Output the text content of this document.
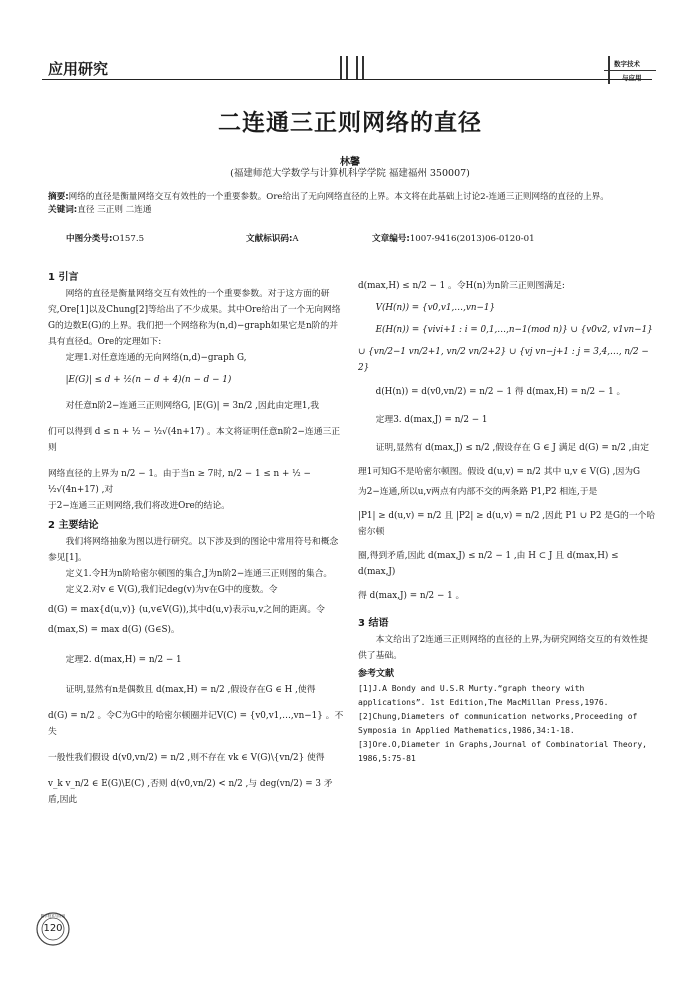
应用研究	数字技术
与应用
二连通三正则网络的直径
林馨
(福建师范大学数学与计算机科学学院 福建福州 350007)
摘要:网络的直径是衡量网络交互有效性的一个重要参数。Ore给出了无向网络直径的上界。本文将在此基础上讨论2-连通三正则网络的直径的上界。
关键词:直径 三正则 二连通
中图分类号:O157.5	文献标识码:A	文章编号:1007-9416(2013)06-0120-01

1 引言

网络的直径是衡量网络交互有效性的一个重要参数。对于这方面的研究,Ore[1]以及Chung[2]等给出了不少成果。其中Ore给出了一个无向网络G的边数E(G)的上界。我们把一个网络称为(n,d)−graph如果它是n阶的并具有直径d。Ore的定理如下:

定理1.对任意连通的无向网络(n,d)−graph G,

|E(G)| ≤ d + ½(n − d + 4)(n − d − 1)

对任意n阶2−连通三正则网络G, |E(G)| = 3n/2 ,因此由定理1,我

们可以得到 d ≤ n + ½ − ½√(4n+17) 。本文将证明任意n阶2−连通三正则

网络直径的上界为 n/2 − 1。由于当n ≥ 7时, n/2 − 1 ≤ n + ½ − ½√(4n+17) ,对

于2−连通三正则网络,我们将改进Ore的结论。

2 主要结论

我们将网络抽象为图以进行研究。以下涉及到的图论中常用符号和概念参见[1]。

定义1.令H为n阶哈密尔顿图的集合,J为n阶2−连通三正则图的集合。

定义2.对v ∈ V(G),我们记deg(v)为v在G中的度数。令

d(G) = max{d(u,v)} (u,v∈V(G)),其中d(u,v)表示u,v之间的距离。令

d(max,S) = max d(G) (G∈S)。

定理2. d(max,H) = n/2 − 1

证明,显然有n是偶数且 d(max,H) = n/2 ,假设存在G ∈ H ,使得

d(G) = n/2 。令C为G中的哈密尔顿圈并记V(C) = {v0,v1,…,vn−1} 。不失

一般性我们假设 d(v0,vn/2) = n/2 ,则不存在 vk ∈ V(G)\{vn/2} 使得

v_k v_n/2 ∈ E(G)\E(C) ,否则 d(v0,vn/2) < n/2 ,与 deg(vn/2) = 3 矛盾,因此

d(max,H) ≤ n/2 − 1 。令H(n)为n阶三正则图满足:

V(H(n)) = {v0,v1,…,vn−1}

E(H(n)) = {vivi+1 : i = 0,1,…,n−1(mod n)} ∪ {v0v2, v1vn−1}

∪ {vn/2−1 vn/2+1, vn/2 vn/2+2} ∪ {vj vn−j+1 : j = 3,4,…, n/2 − 2}

d(H(n)) = d(v0,vn/2) = n/2 − 1 得 d(max,H) = n/2 − 1 。

定理3. d(max,J) = n/2 − 1

证明,显然有 d(max,J) ≤ n/2 ,假设存在 G ∈ J 满足 d(G) = n/2 ,由定

理1可知G不是哈密尔顿图。假设 d(u,v) = n/2 其中 u,v ∈ V(G) ,因为G

为2−连通,所以u,v两点有内部不交的两条路 P1,P2 相连,于是

|P1| ≥ d(u,v) = n/2 且 |P2| ≥ d(u,v) = n/2 ,因此 P1 ∪ P2 是G的一个哈密尔顿

圈,得到矛盾,因此 d(max,J) ≤ n/2 − 1 ,由 H ⊂ J 且 d(max,H) ≤ d(max,J)

得 d(max,J) = n/2 − 1 。

3 结语

本文给出了2连通三正则网络的直径的上界,为研究网络交互的有效性提供了基础。

参考文献

[1]J.A Bondy and U.S.R Murty.“graph theory with applications”. 1st Edition,The MacMillan Press,1976.
[2]Chung,Diameters of communication networks,Proceeding of Symposia in Applied Mathematics,1986,34:1-18.
[3]Ore.O,Diameter in Graphs,Journal of Combinatorial Theory, 1986,5:75-81
数字技术与应用
120
